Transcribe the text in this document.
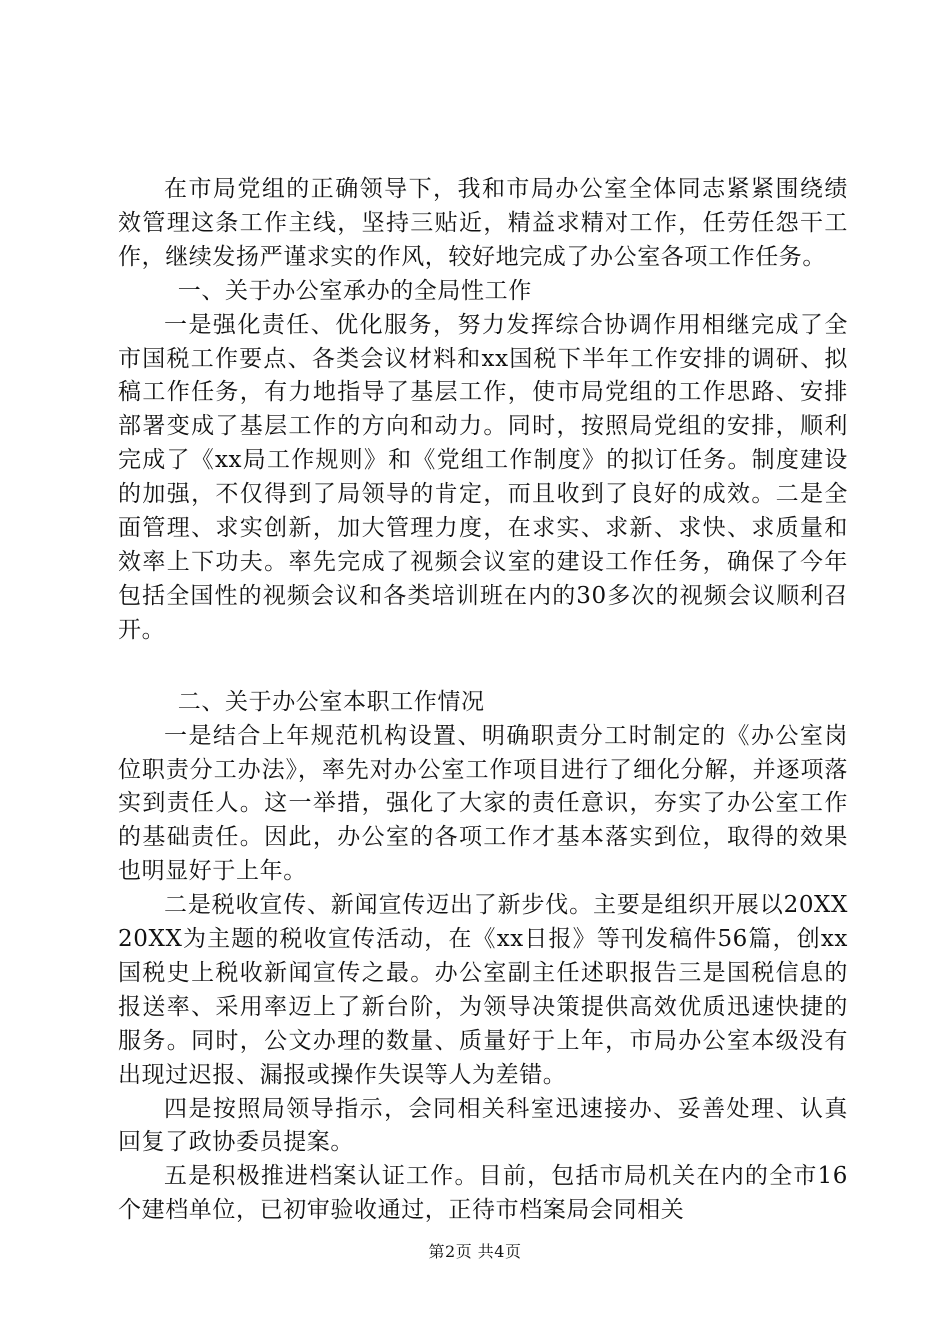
在市局党组的正确领导下，我和市局办公室全体同志紧紧围绕绩效管理这条工作主线，坚持三贴近，精益求精对工作，任劳任怨干工作，继续发扬严谨求实的作风，较好地完成了办公室各项工作任务。

一、关于办公室承办的全局性工作

一是强化责任、优化服务，努力发挥综合协调作用相继完成了全市国税工作要点、各类会议材料和xx国税下半年工作安排的调研、拟稿工作任务，有力地指导了基层工作，使市局党组的工作思路、安排部署变成了基层工作的方向和动力。同时，按照局党组的安排，顺利完成了《xx局工作规则》和《党组工作制度》的拟订任务。制度建设的加强，不仅得到了局领导的肯定，而且收到了良好的成效。二是全面管理、求实创新，加大管理力度，在求实、求新、求快、求质量和效率上下功夫。率先完成了视频会议室的建设工作任务，确保了今年包括全国性的视频会议和各类培训班在内的30多次的视频会议顺利召开。

二、关于办公室本职工作情况

一是结合上年规范机构设置、明确职责分工时制定的《办公室岗位职责分工办法》，率先对办公室工作项目进行了细化分解，并逐项落实到责任人。这一举措，强化了大家的责任意识，夯实了办公室工作的基础责任。因此，办公室的各项工作才基本落实到位，取得的效果也明显好于上年。

二是税收宣传、新闻宣传迈出了新步伐。主要是组织开展以20XX20XX为主题的税收宣传活动，在《xx日报》等刊发稿件56篇，创xx国税史上税收新闻宣传之最。办公室副主任述职报告三是国税信息的报送率、采用率迈上了新台阶，为领导决策提供高效优质迅速快捷的服务。同时，公文办理的数量、质量好于上年，市局办公室本级没有出现过迟报、漏报或操作失误等人为差错。

四是按照局领导指示，会同相关科室迅速接办、妥善处理、认真回复了政协委员提案。

五是积极推进档案认证工作。目前，包括市局机关在内的全市16个建档单位，已初审验收通过，正待市档案局会同相关

第2页 共4页
